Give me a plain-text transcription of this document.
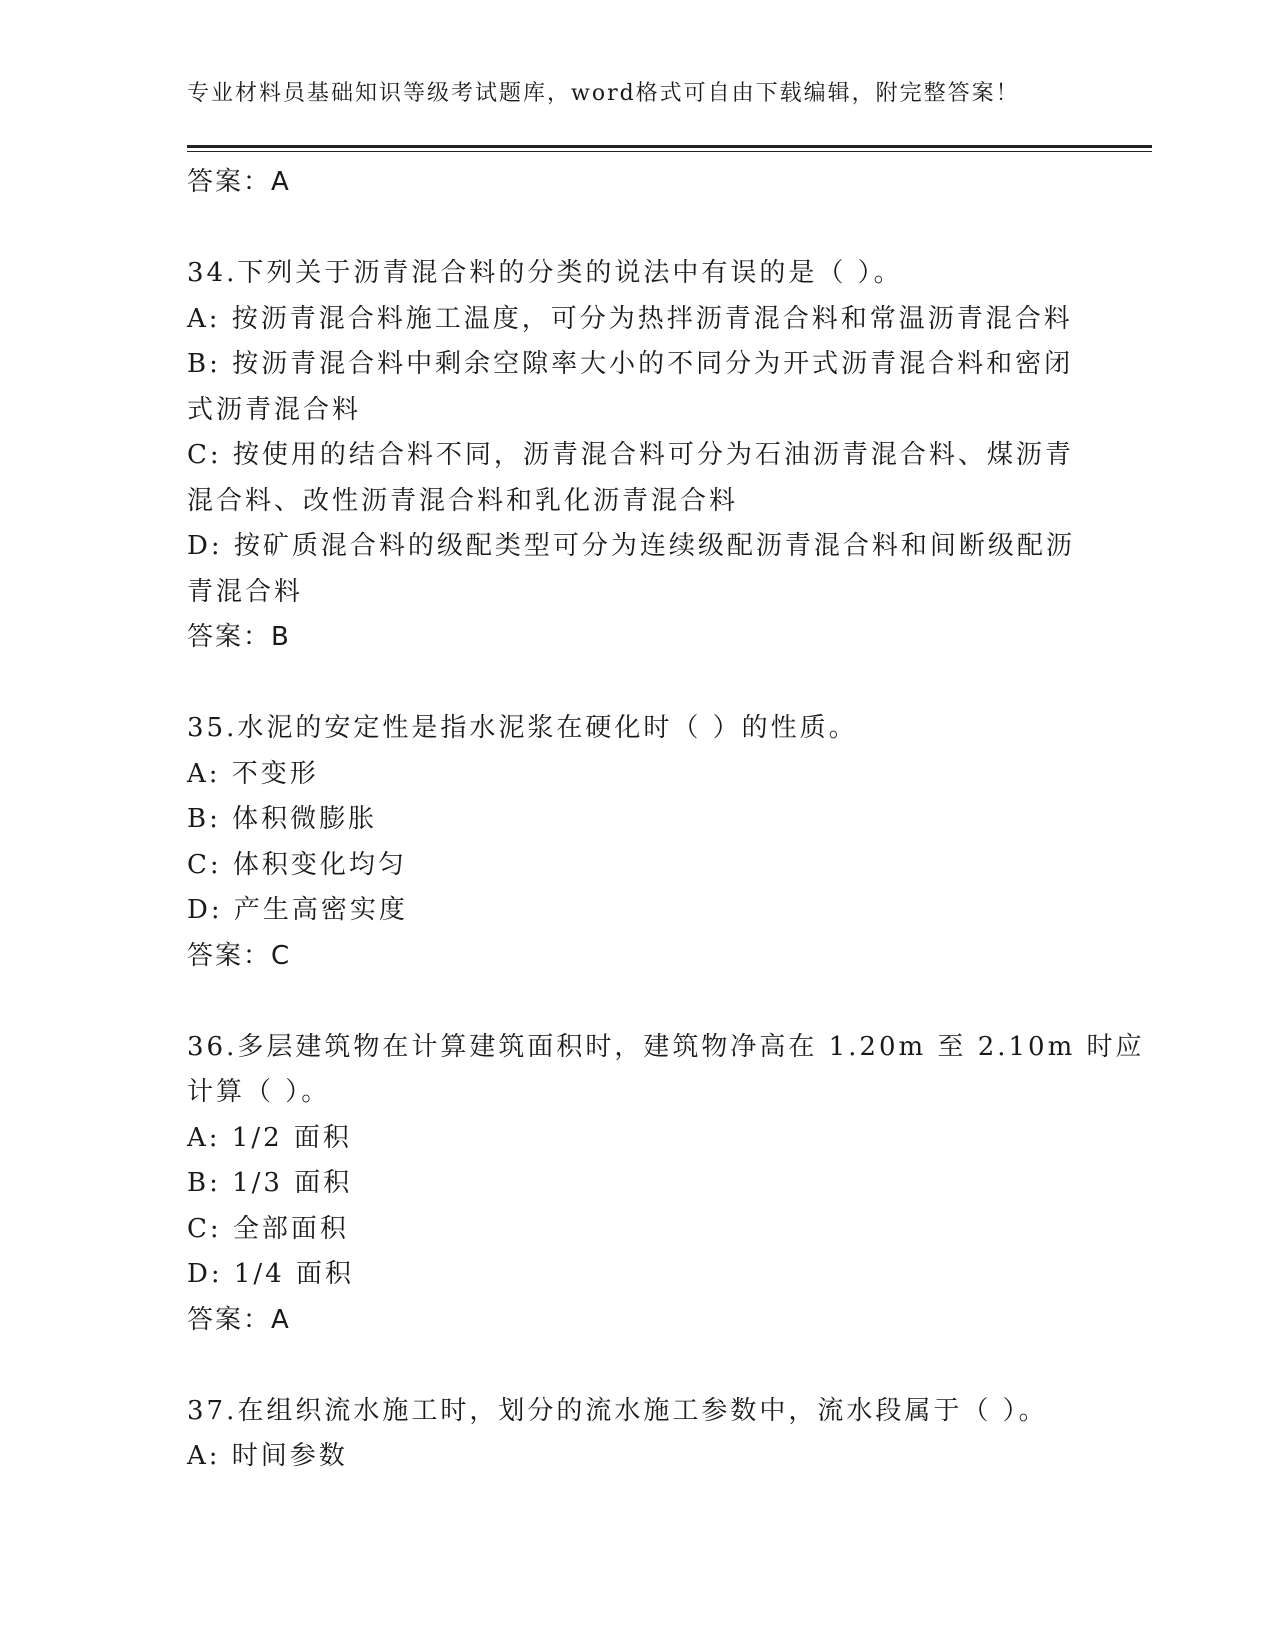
专业材料员基础知识等级考试题库，word格式可自由下载编辑，附完整答案！
答案：A
34.下列关于沥青混合料的分类的说法中有误的是（ ）。
A: 按沥青混合料施工温度，可分为热拌沥青混合料和常温沥青混合料
B: 按沥青混合料中剩余空隙率大小的不同分为开式沥青混合料和密闭
式沥青混合料
C: 按使用的结合料不同，沥青混合料可分为石油沥青混合料、煤沥青
混合料、改性沥青混合料和乳化沥青混合料
D: 按矿质混合料的级配类型可分为连续级配沥青混合料和间断级配沥
青混合料
答案：B
35.水泥的安定性是指水泥浆在硬化时（ ）的性质。
A: 不变形
B: 体积微膨胀
C: 体积变化均匀
D: 产生高密实度
答案：C
36.多层建筑物在计算建筑面积时，建筑物净高在 1.20m 至 2.10m 时应
计算（ ）。
A: 1/2 面积
B: 1/3 面积
C: 全部面积
D: 1/4 面积
答案：A
37.在组织流水施工时，划分的流水施工参数中，流水段属于（ ）。
A: 时间参数
